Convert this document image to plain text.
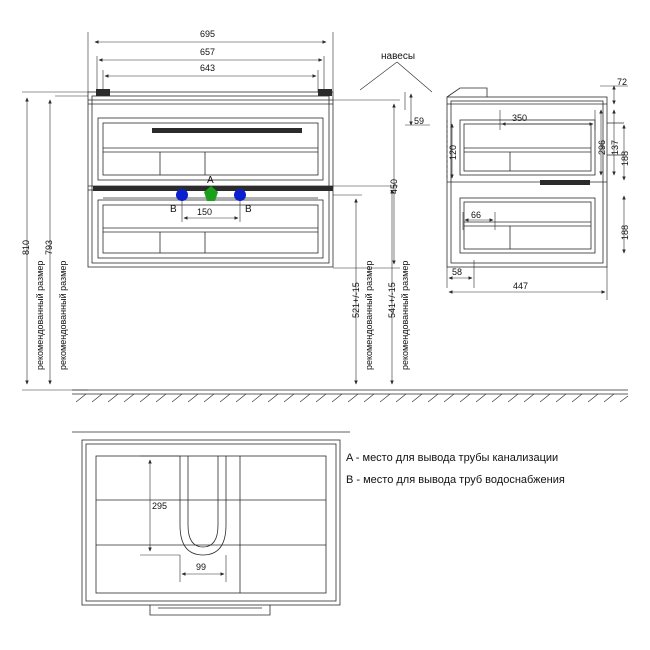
695
657
643
навесы
810 793
рекомендованный размер рекомендованный размер
450
150
521+/-15	541+/-15
рекомендованный размер	рекомендованный размер
A
B	B
72
59
120	296 137
350
188
188
66
58
447
295
99
A - место для вывода трубы канализации
B - место для вывода труб водоснабжения
